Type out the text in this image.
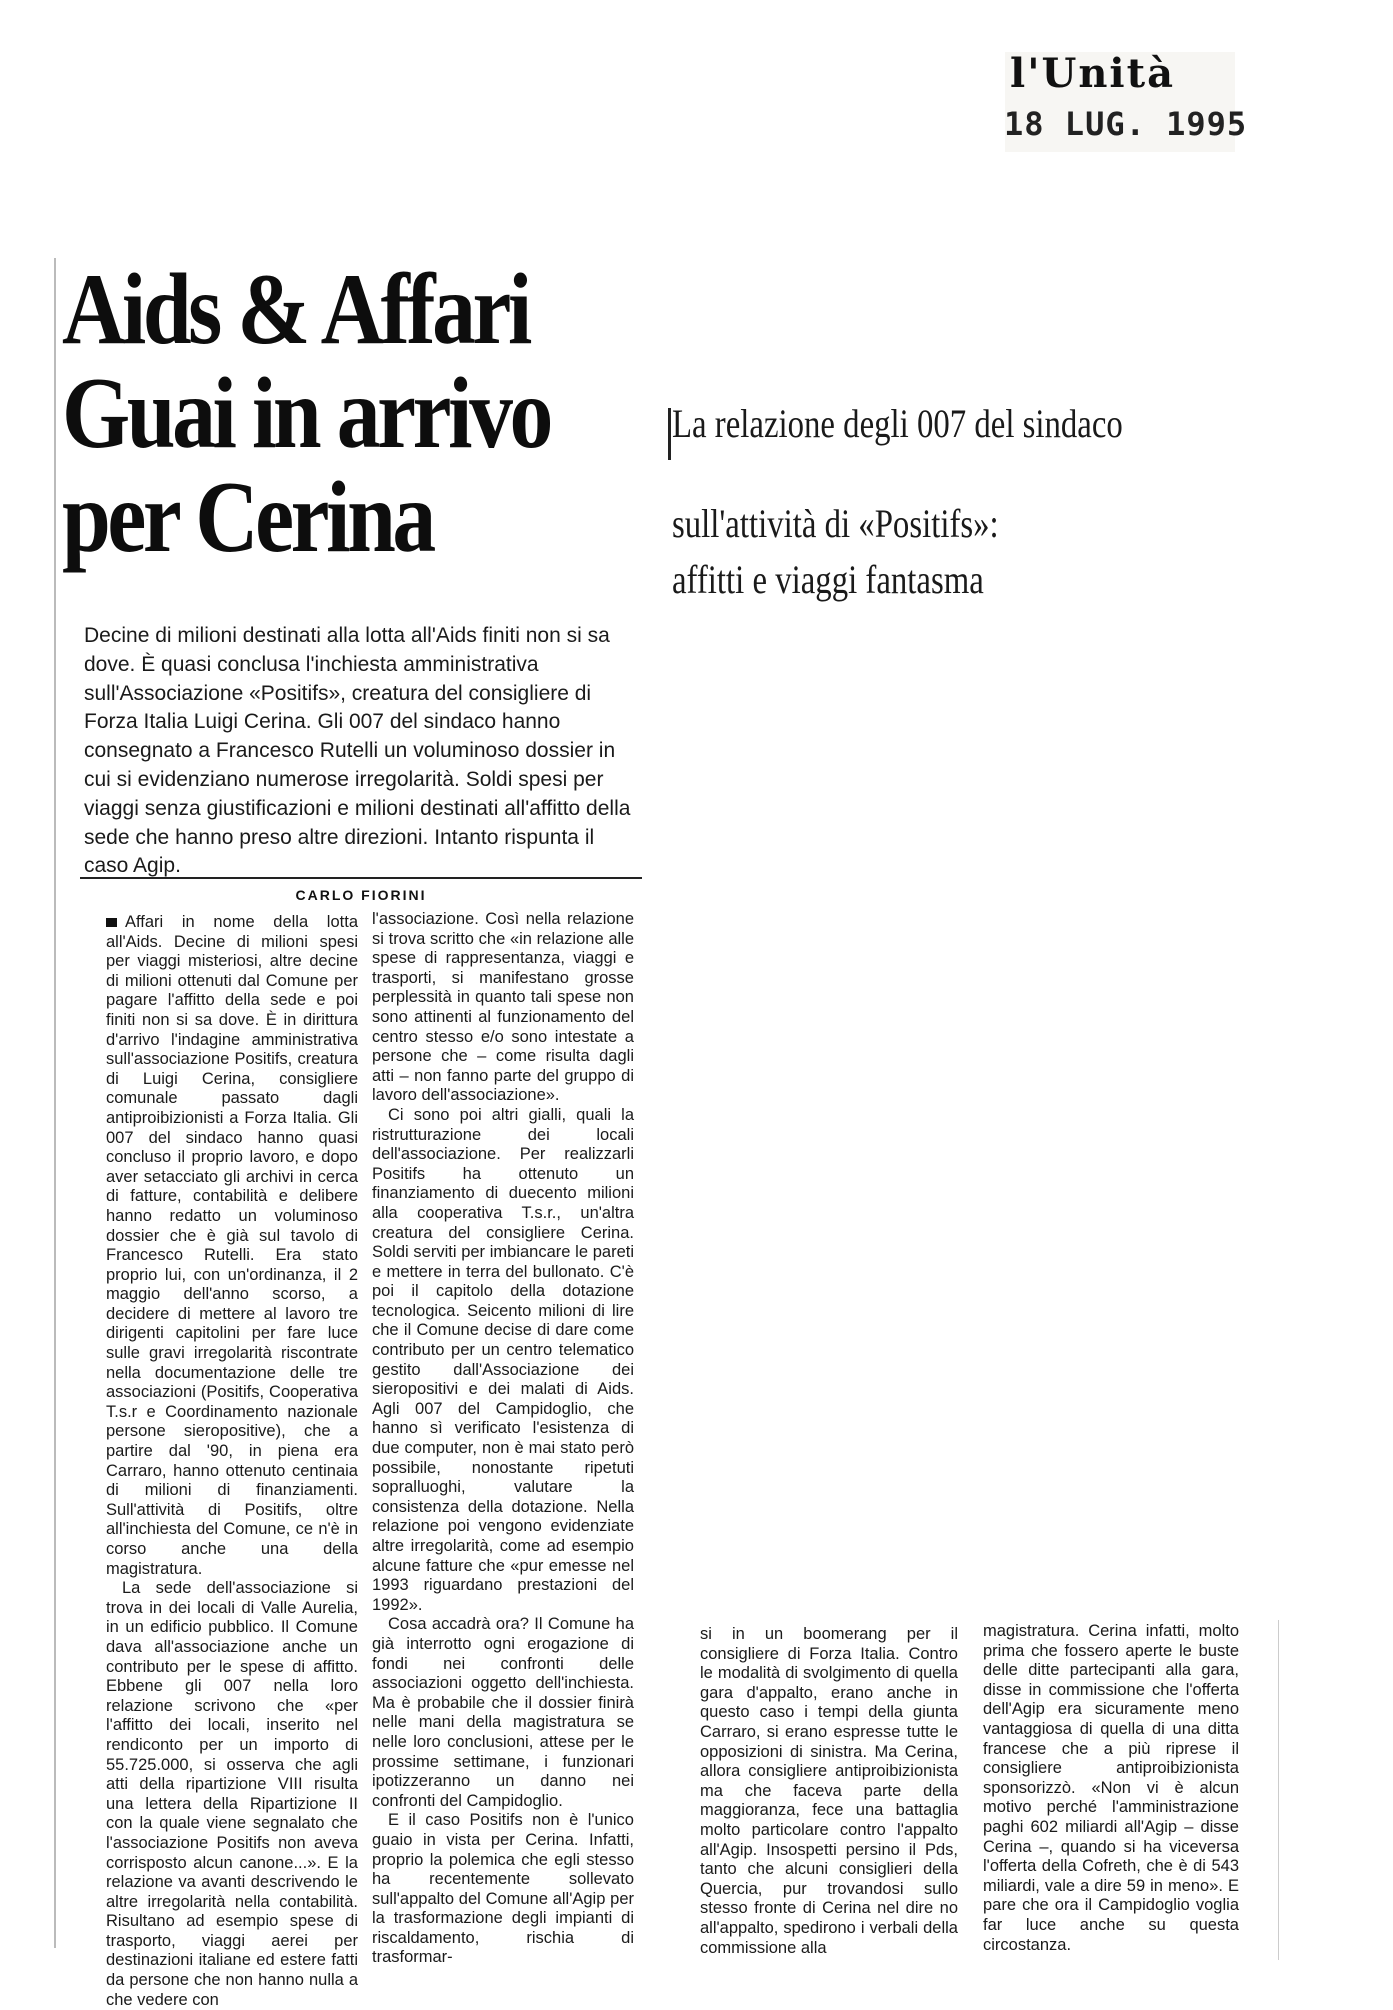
l'Unità
18 LUG. 1995
Aids & Affari
Guai in arrivo
per Cerina
La relazione degli 007 del sindaco
sull'attività di «Positifs»:
affitti e viaggi fantasma

Decine di milioni destinati alla lotta all'Aids finiti non si sa dove. È quasi conclusa l'inchiesta amministrativa sull'Associazione «Positifs», creatura del consigliere di Forza Italia Luigi Cerina. Gli 007 del sindaco hanno consegnato a Francesco Rutelli un voluminoso dossier in cui si evidenziano numerose irregolarità. Soldi spesi per viaggi senza giustificazioni e milioni destinati all'affitto della sede che hanno preso altre direzioni. Intanto rispunta il caso Agip.

CARLO FIORINI

Affari in nome della lotta all'Aids. Decine di milioni spesi per viaggi misteriosi, altre decine di milioni ottenuti dal Comune per pagare l'affitto della sede e poi finiti non si sa dove. È in dirittura d'arrivo l'indagine amministrativa sull'associazione Positifs, creatura di Luigi Cerina, consigliere comunale passato dagli antiproibizionisti a Forza Italia. Gli 007 del sindaco hanno quasi concluso il proprio lavoro, e dopo aver setacciato gli archivi in cerca di fatture, contabilità e delibere hanno redatto un voluminoso dossier che è già sul tavolo di Francesco Rutelli. Era stato proprio lui, con un'ordinanza, il 2 maggio dell'anno scorso, a decidere di mettere al lavoro tre dirigenti capitolini per fare luce sulle gravi irregolarità riscontrate nella documentazione delle tre associazioni (Positifs, Cooperativa T.s.r e Coordinamento nazionale persone sieropositive), che a partire dal '90, in piena era Carraro, hanno ottenuto centinaia di milioni di finanziamenti. Sull'attività di Positifs, oltre all'inchiesta del Comune, ce n'è in corso anche una della magistratura.

La sede dell'associazione si trova in dei locali di Valle Aurelia, in un edificio pubblico. Il Comune dava all'associazione anche un contributo per le spese di affitto. Ebbene gli 007 nella loro relazione scrivono che «per l'affitto dei locali, inserito nel rendiconto per un importo di 55.725.000, si osserva che agli atti della ripartizione VIII risulta una lettera della Ripartizione II con la quale viene segnalato che l'associazione Positifs non aveva corrisposto alcun canone...». E la relazione va avanti descrivendo le altre irregolarità nella contabilità. Risultano ad esempio spese di trasporto, viaggi aerei per destinazioni italiane ed estere fatti da persone che non hanno nulla a che vedere con

l'associazione. Così nella relazione si trova scritto che «in relazione alle spese di rappresentanza, viaggi e trasporti, si manifestano grosse perplessità in quanto tali spese non sono attinenti al funzionamento del centro stesso e/o sono intestate a persone che – come risulta dagli atti – non fanno parte del gruppo di lavoro dell'associazione».

Ci sono poi altri gialli, quali la ristrutturazione dei locali dell'associazione. Per realizzarli Positifs ha ottenuto un finanziamento di duecento milioni alla cooperativa T.s.r., un'altra creatura del consigliere Cerina. Soldi serviti per imbiancare le pareti e mettere in terra del bullonato. C'è poi il capitolo della dotazione tecnologica. Seicento milioni di lire che il Comune decise di dare come contributo per un centro telematico gestito dall'Associazione dei sieropositivi e dei malati di Aids. Agli 007 del Campidoglio, che hanno sì verificato l'esistenza di due computer, non è mai stato però possibile, nonostante ripetuti sopralluoghi, valutare la consistenza della dotazione. Nella relazione poi vengono evidenziate altre irregolarità, come ad esempio alcune fatture che «pur emesse nel 1993 riguardano prestazioni del 1992».

Cosa accadrà ora? Il Comune ha già interrotto ogni erogazione di fondi nei confronti delle associazioni oggetto dell'inchiesta. Ma è probabile che il dossier finirà nelle mani della magistratura se nelle loro conclusioni, attese per le prossime settimane, i funzionari ipotizzeranno un danno nei confronti del Campidoglio.

E il caso Positifs non è l'unico guaio in vista per Cerina. Infatti, proprio la polemica che egli stesso ha recentemente sollevato sull'appalto del Comune all'Agip per la trasformazione degli impianti di riscaldamento, rischia di trasformar-

si in un boomerang per il consigliere di Forza Italia. Contro le modalità di svolgimento di quella gara d'appalto, erano anche in questo caso i tempi della giunta Carraro, si erano espresse tutte le opposizioni di sinistra. Ma Cerina, allora consigliere antiproibizionista ma che faceva parte della maggioranza, fece una battaglia molto particolare contro l'appalto all'Agip. Insospetti persino il Pds, tanto che alcuni consiglieri della Quercia, pur trovandosi sullo stesso fronte di Cerina nel dire no all'appalto, spedirono i verbali della commissione alla

magistratura. Cerina infatti, molto prima che fossero aperte le buste delle ditte partecipanti alla gara, disse in commissione che l'offerta dell'Agip era sicuramente meno vantaggiosa di quella di una ditta francese che a più riprese il consigliere antiproibizionista sponsorizzò. «Non vi è alcun motivo perché l'amministrazione paghi 602 miliardi all'Agip – disse Cerina –, quando si ha viceversa l'offerta della Cofreth, che è di 543 miliardi, vale a dire 59 in meno». E pare che ora il Campidoglio voglia far luce anche su questa circostanza.
